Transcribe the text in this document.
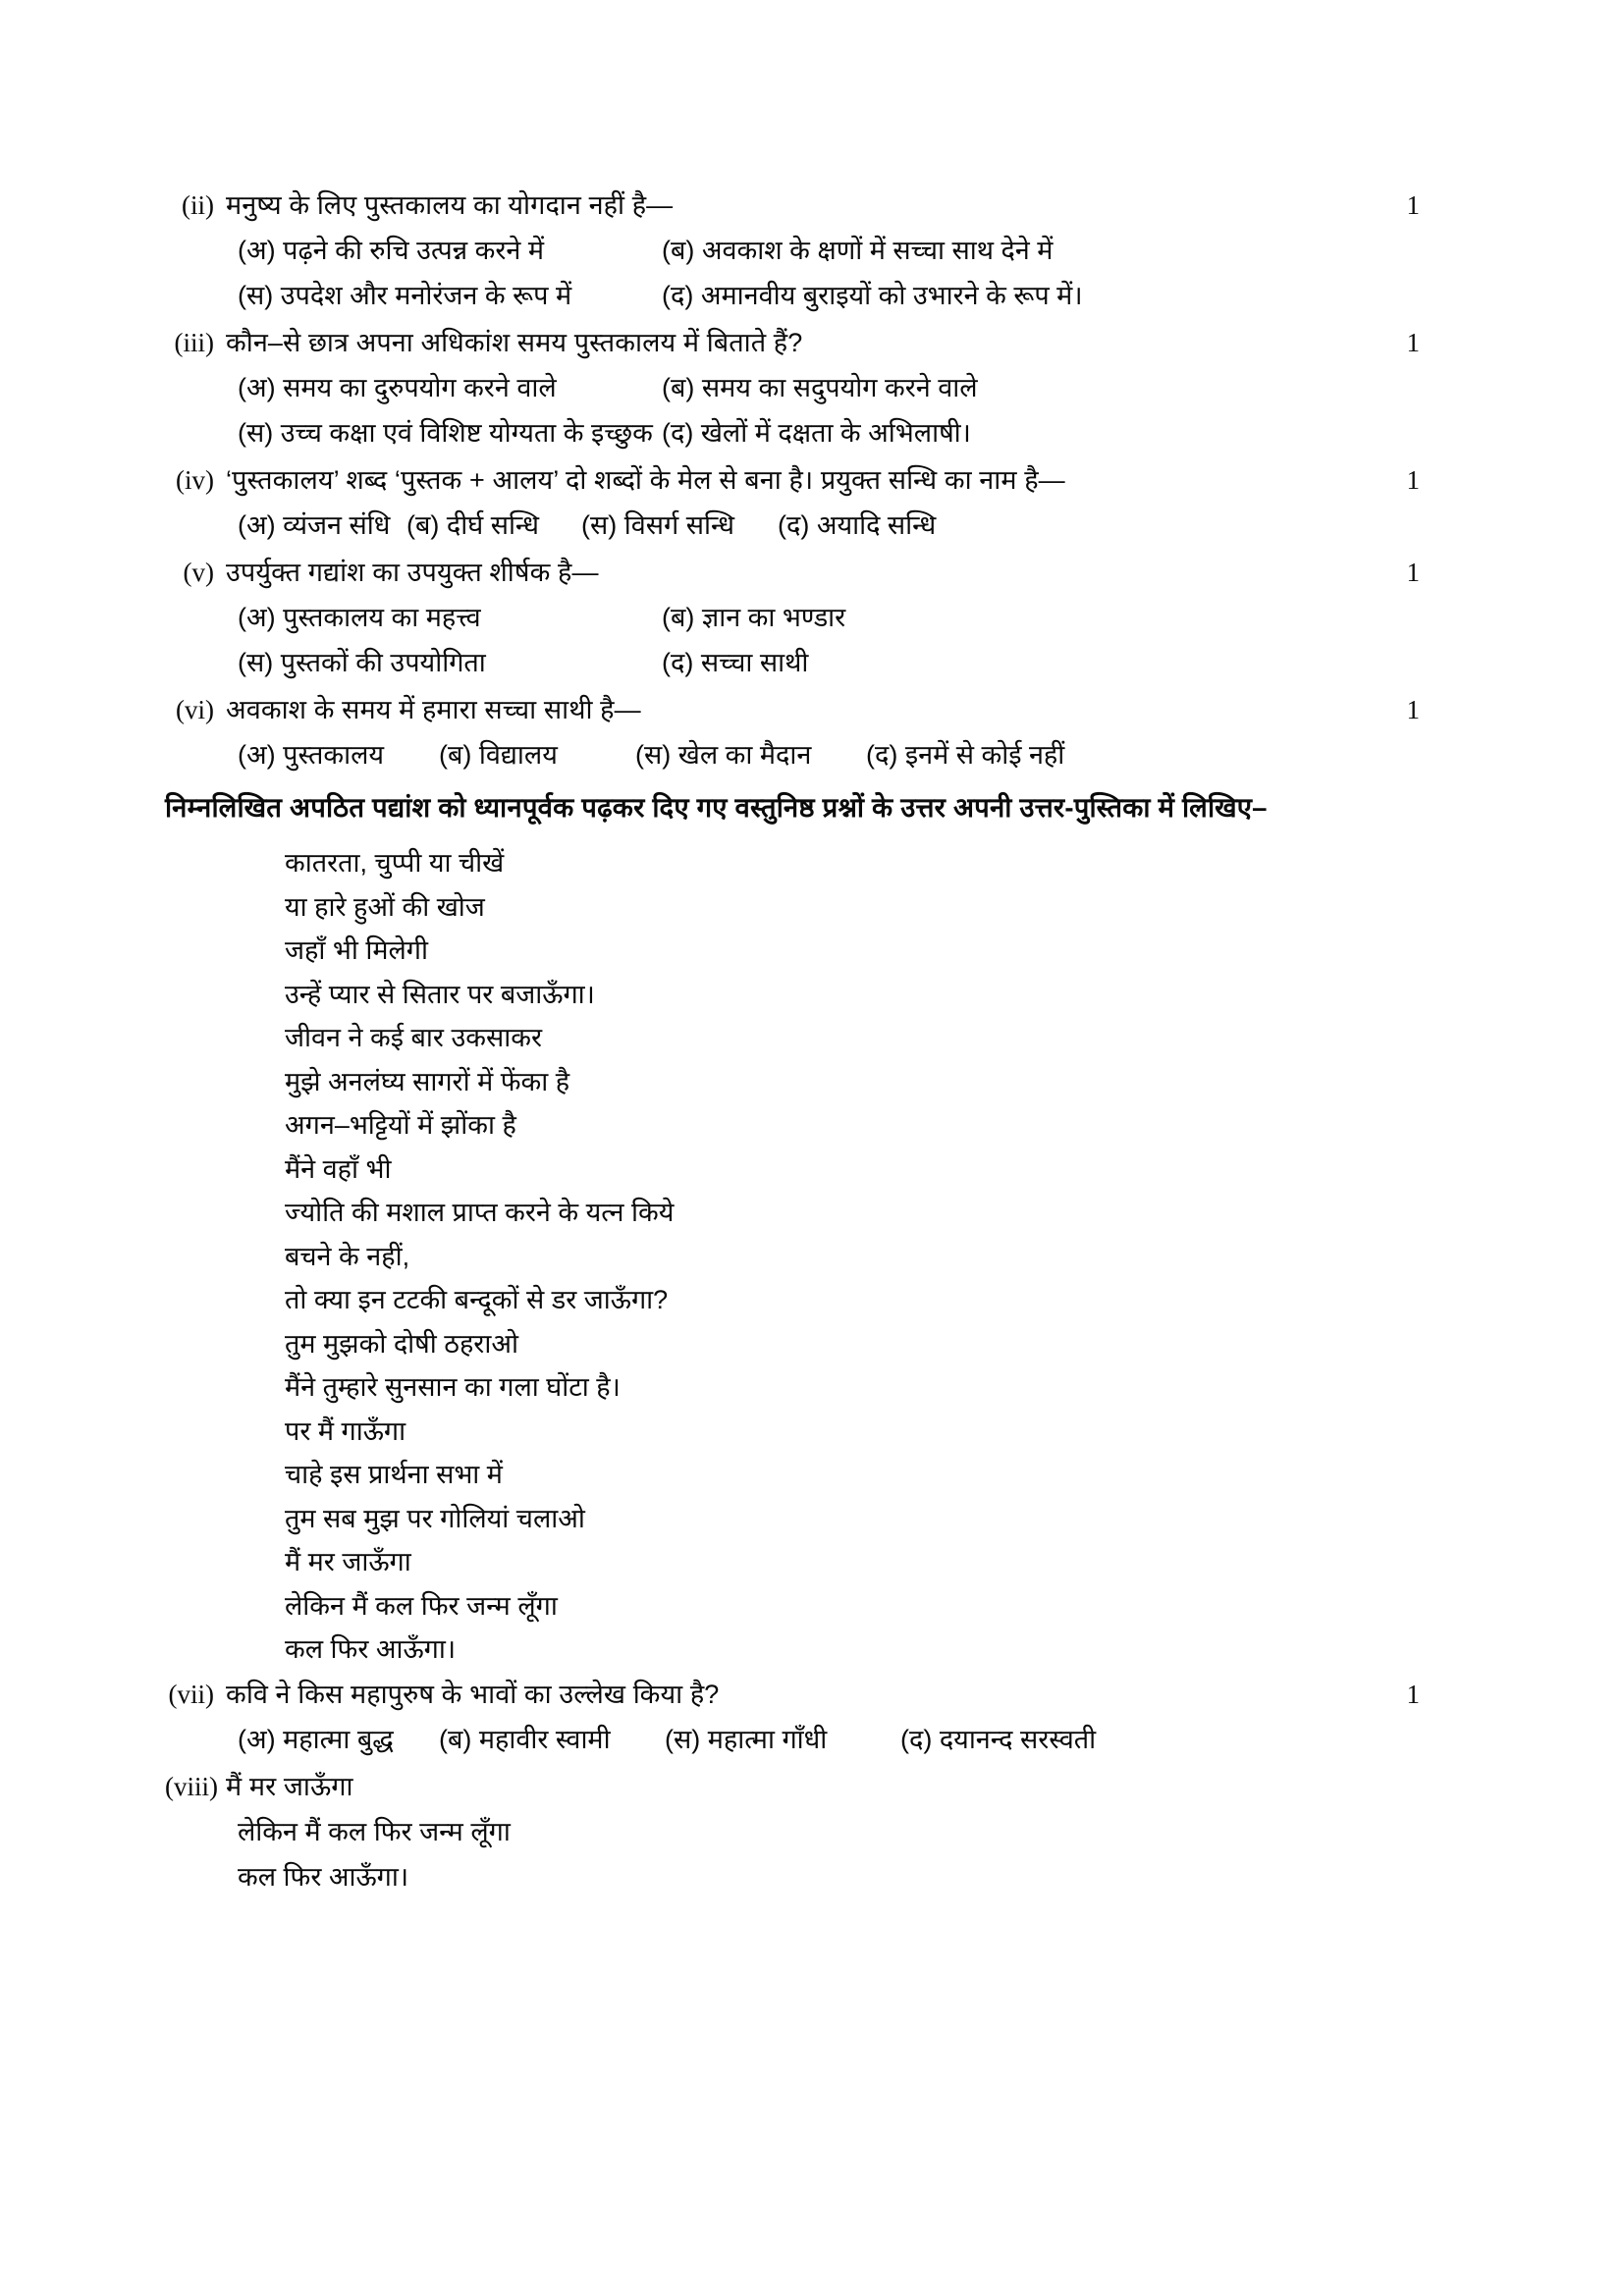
(ii) मनुष्य के लिए पुस्तकालय का योगदान नहीं है—	1
(अ) पढ़ने की रुचि उत्पन्न करने में	(ब) अवकाश के क्षणों में सच्चा साथ देने में
(स) उपदेश और मनोरंजन के रूप में	(द) अमानवीय बुराइयों को उभारने के रूप में।
(iii) कौन–से छात्र अपना अधिकांश समय पुस्तकालय में बिताते हैं?	1
(अ) समय का दुरुपयोग करने वाले	(ब) समय का सदुपयोग करने वाले
(स) उच्च कक्षा एवं विशिष्ट योग्यता के इच्छुक (द) खेलों में दक्षता के अभिलाषी।
(iv) ‘पुस्तकालय’ शब्द ‘पुस्तक + आलय’ दो शब्दों के मेल से बना है। प्रयुक्त सन्धि का नाम है—	1
(अ) व्यंजन संधि (ब) दीर्घ सन्धि	(स) विसर्ग सन्धि	(द) अयादि सन्धि
(v) उपर्युक्त गद्यांश का उपयुक्त शीर्षक है—	1
(अ) पुस्तकालय का महत्त्व	(ब) ज्ञान का भण्डार
(स) पुस्तकों की उपयोगिता	(द) सच्चा साथी
(vi) अवकाश के समय में हमारा सच्चा साथी है—	1
(अ) पुस्तकालय	(ब) विद्यालय	(स) खेल का मैदान	(द) इनमें से कोई नहीं
निम्नलिखित अपठित पद्यांश को ध्यानपूर्वक पढ़कर दिए गए वस्तुनिष्ठ प्रश्नों के उत्तर अपनी उत्तर-पुस्तिका में लिखिए–
कातरता, चुप्पी या चीखें
या हारे हुओं की खोज
जहाँ भी मिलेगी
उन्हें प्यार से सितार पर बजाऊँगा।
जीवन ने कई बार उकसाकर
मुझे अनलंघ्य सागरों में फेंका है
अगन–भट्टियों में झोंका है
मैंने वहाँ भी
ज्योति की मशाल प्राप्त करने के यत्न किये
बचने के नहीं,
तो क्या इन टटकी बन्दूकों से डर जाऊँगा?
तुम मुझको दोषी ठहराओ
मैंने तुम्हारे सुनसान का गला घोंटा है।
पर मैं गाऊँगा
चाहे इस प्रार्थना सभा में
तुम सब मुझ पर गोलियां चलाओ
मैं मर जाऊँगा
लेकिन मैं कल फिर जन्म लूँगा
कल फिर आऊँगा।
(vii) कवि ने किस महापुरुष के भावों का उल्लेख किया है?	1
(अ) महात्मा बुद्ध	(ब) महावीर स्वामी	(स) महात्मा गाँधी	(द) दयानन्द सरस्वती
(viii) मैं मर जाऊँगा
लेकिन मैं कल फिर जन्म लूँगा
कल फिर आऊँगा।
